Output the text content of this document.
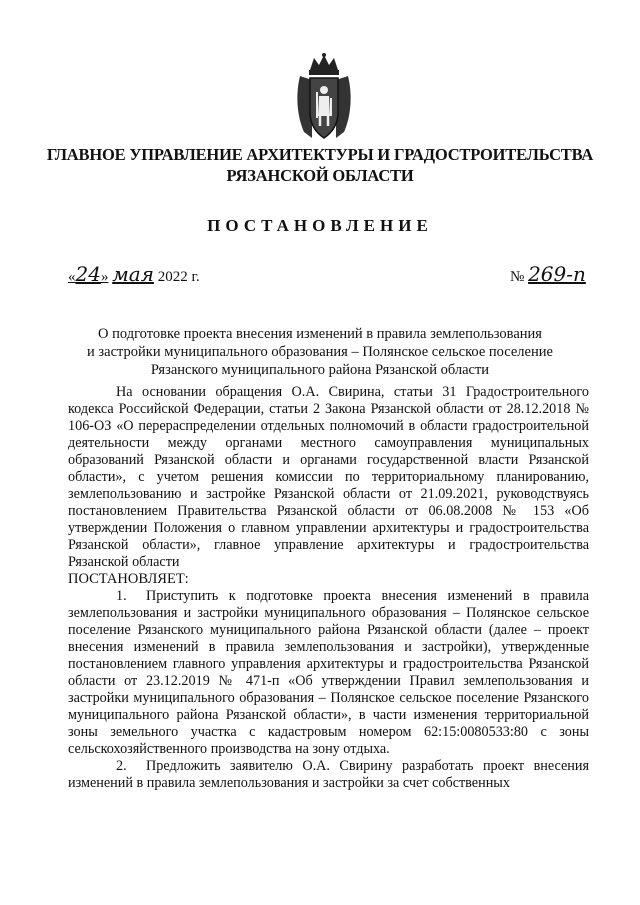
ГЛАВНОЕ УПРАВЛЕНИЕ АРХИТЕКТУРЫ И ГРАДОСТРОИТЕЛЬСТВА
РЯЗАНСКОЙ ОБЛАСТИ
ПОСТАНОВЛЕНИЕ
«24» мая 2022 г.	№ 269-п
О подготовке проекта внесения изменений в правила землепользования
и застройки муниципального образования – Полянское сельское поселение
Рязанского муниципального района Рязанской области

На основании обращения О.А. Свирина, статьи 31 Градостроительного кодекса Российской Федерации, статьи 2 Закона Рязанской области от 28.12.2018 № 106-ОЗ «О перераспределении отдельных полномочий в области градостроительной деятельности между органами местного самоуправления муниципальных образований Рязанской области и органами государственной власти Рязанской области», с учетом решения комиссии по территориальному планированию, землепользованию и застройке Рязанской области от 21.09.2021, руководствуясь постановлением Правительства Рязанской области от 06.08.2008 № 153 «Об утверждении Положения о главном управлении архитектуры и градостроительства Рязанской области», главное управление архитектуры и градостроительства Рязанской области

ПОСТАНОВЛЯЕТ:

1. Приступить к подготовке проекта внесения изменений в правила землепользования и застройки муниципального образования – Полянское сельское поселение Рязанского муниципального района Рязанской области (далее – проект внесения изменений в правила землепользования и застройки), утвержденные постановлением главного управления архитектуры и градостроительства Рязанской области от 23.12.2019 № 471-п «Об утверждении Правил землепользования и застройки муниципального образования – Полянское сельское поселение Рязанского муниципального района Рязанской области», в части изменения территориальной зоны земельного участка с кадастровым номером 62:15:0080533:80 с зоны сельскохозяйственного производства на зону отдыха.

2. Предложить заявителю О.А. Свирину разработать проект внесения изменений в правила землепользования и застройки за счет собственных
